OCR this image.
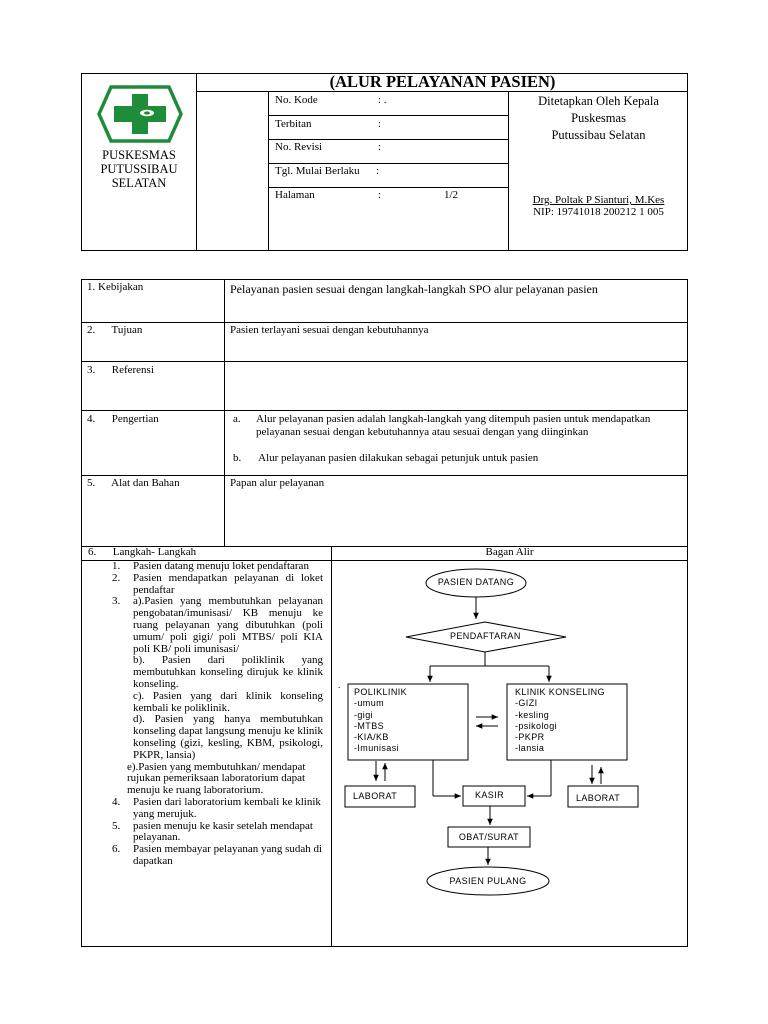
PUSKESMAS
PUTUSSIBAU
SELATAN
(ALUR PELAYANAN PASIEN)
No. Kode	: .
Terbitan	:
No. Revisi	:
Tgl. Mulai Berlaku :
Halaman	:	1/2
Ditetapkan Oleh Kepala
Puskesmas
Putussibau Selatan
Drg. Poltak P Sianturi, M.Kes
NIP: 19741018 200212 1 005
1. Kebijakan	Pelayanan pasien sesuai dengan langkah-langkah SPO alur pelayanan pasien
2.      Tujuan	Pasien terlayani sesuai dengan kebutuhannya
3.      Referensi
4.      Pengertian	a. Alur pelayanan pasien adalah langkah-langkah yang ditempuh pasien untuk mendapatkan pelayanan sesuai dengan kebutuhannya atau sesuai dengan yang diinginkan
b. Alur pelayanan pasien dilakukan sebagai petunjuk untuk pasien
5.      Alat dan Bahan	Papan alur pelayanan
6.      Langkah- Langkah	Bagan Alir
1. Pasien datang menuju loket pendaftaran
2. Pasien mendapatkan pelayanan di loket pendaftar
3. a).Pasien yang membutuhkan pelayanan pengobatan/imunisasi/ KB menuju ke ruang pelayanan yang dibutuhkan (poli umum/ poli gigi/ poli MTBS/ poli KIA poli KB/ poli imunisasi/
b). Pasien dari poliklinik yang membutuhkan konseling dirujuk ke klinik konseling.
c). Pasien yang dari klinik konseling kembali ke poliklinik.
d). Pasien yang hanya membutuhkan konseling dapat langsung menuju ke klinik konseling (gizi, kesling, KBM, psikologi, PKPR, lansia)
e).Pasien yang membutuhkan/ mendapat rujukan pemeriksaan laboratorium dapat menuju ke ruang laboratorium.
4. Pasien dari laboratorium kembali ke klinik yang merujuk.
5. pasien menuju ke kasir setelah mendapat pelayanan.
6. Pasien membayar pelayanan yang sudah di dapatkan
.
PASIEN DATANG
PENDAFTARAN
POLIKLINIK
-umum
-gigi
-MTBS
-KIA/KB
-Imunisasi
KLINIK KONSELING
-GIZI
-kesling
-psikologi
-PKPR
-lansia
LABORAT	KASIR	LABORAT
OBAT/SURAT
PASIEN PULANG
